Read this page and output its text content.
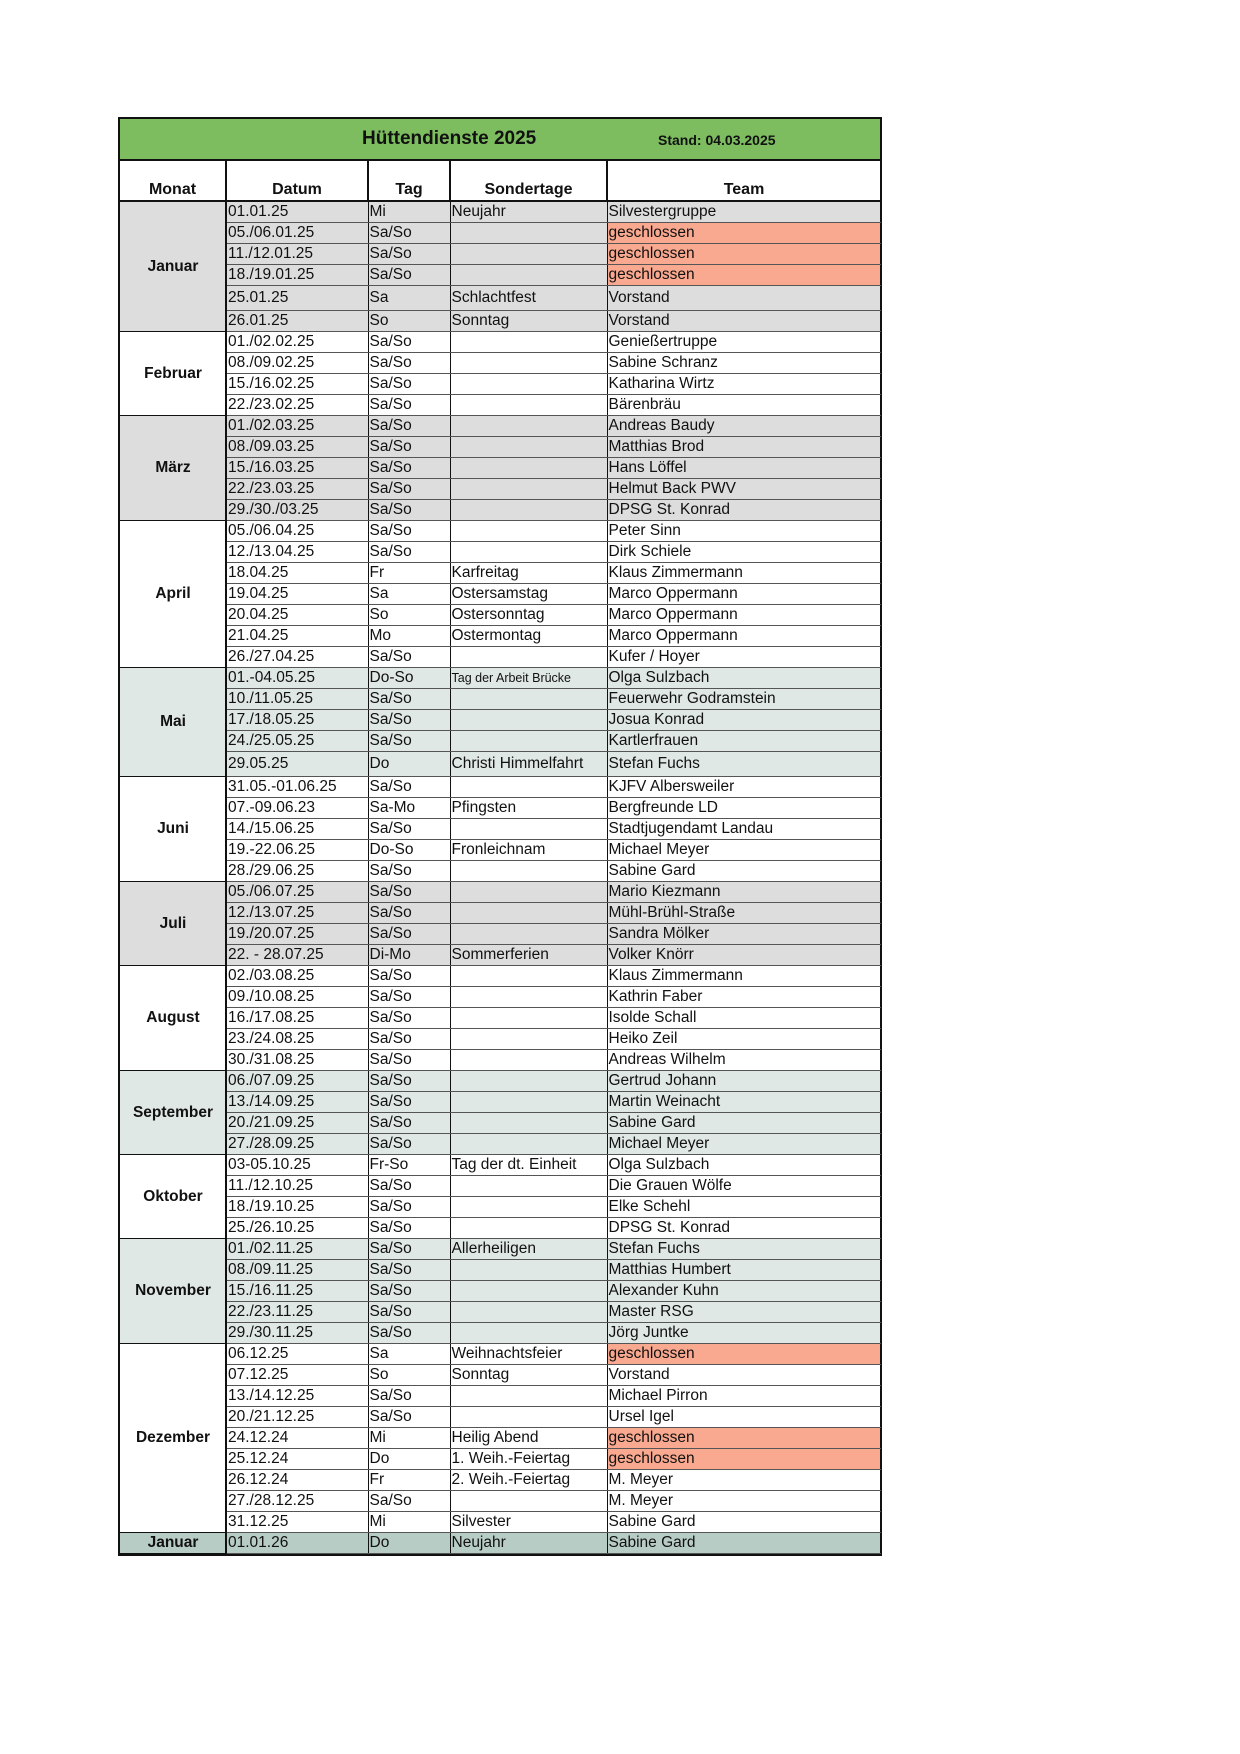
Hüttendienste 2025	Stand: 04.03.2025
Monat	Datum	Tag	Sondertage	Team
Januar	01.01.25	Mi	Neujahr	Silvestergruppe
	05./06.01.25	Sa/So		geschlossen
	11./12.01.25	Sa/So		geschlossen
	18./19.01.25	Sa/So		geschlossen
	25.01.25	Sa	Schlachtfest	Vorstand
	26.01.25	So	Sonntag	Vorstand
Februar	01./02.02.25	Sa/So		Genießertruppe
	08./09.02.25	Sa/So		Sabine Schranz
	15./16.02.25	Sa/So		Katharina Wirtz
	22./23.02.25	Sa/So		Bärenbräu
März	01./02.03.25	Sa/So		Andreas Baudy
	08./09.03.25	Sa/So		Matthias Brod
	15./16.03.25	Sa/So		Hans Löffel
	22./23.03.25	Sa/So		Helmut Back PWV
	29./30./03.25	Sa/So		DPSG St. Konrad
April	05./06.04.25	Sa/So		Peter Sinn
	12./13.04.25	Sa/So		Dirk Schiele
	18.04.25	Fr	Karfreitag	Klaus Zimmermann
	19.04.25	Sa	Ostersamstag	Marco Oppermann
	20.04.25	So	Ostersonntag	Marco Oppermann
	21.04.25	Mo	Ostermontag	Marco Oppermann
	26./27.04.25	Sa/So		Kufer / Hoyer
Mai	01.-04.05.25	Do-So	Tag der Arbeit Brücke	Olga Sulzbach
	10./11.05.25	Sa/So		Feuerwehr Godramstein
	17./18.05.25	Sa/So		Josua Konrad
	24./25.05.25	Sa/So		Kartlerfrauen
	29.05.25	Do	Christi Himmelfahrt	Stefan Fuchs
Juni	31.05.-01.06.25	Sa/So		KJFV Albersweiler
	07.-09.06.23	Sa-Mo	Pfingsten	Bergfreunde LD
	14./15.06.25	Sa/So		Stadtjugendamt Landau
	19.-22.06.25	Do-So	Fronleichnam	Michael Meyer
	28./29.06.25	Sa/So		Sabine Gard
Juli	05./06.07.25	Sa/So		Mario Kiezmann
	12./13.07.25	Sa/So		Mühl-Brühl-Straße
	19./20.07.25	Sa/So		Sandra Mölker
	22. - 28.07.25	Di-Mo	Sommerferien	Volker Knörr
August	02./03.08.25	Sa/So		Klaus Zimmermann
	09./10.08.25	Sa/So		Kathrin Faber
	16./17.08.25	Sa/So		Isolde Schall
	23./24.08.25	Sa/So		Heiko Zeil
	30./31.08.25	Sa/So		Andreas Wilhelm
September	06./07.09.25	Sa/So		Gertrud Johann
	13./14.09.25	Sa/So		Martin Weinacht
	20./21.09.25	Sa/So		Sabine Gard
	27./28.09.25	Sa/So		Michael Meyer
Oktober	03-05.10.25	Fr-So	Tag der dt. Einheit	Olga Sulzbach
	11./12.10.25	Sa/So		Die Grauen Wölfe
	18./19.10.25	Sa/So		Elke Schehl
	25./26.10.25	Sa/So		DPSG St. Konrad
November	01./02.11.25	Sa/So	Allerheiligen	Stefan Fuchs
	08./09.11.25	Sa/So		Matthias Humbert
	15./16.11.25	Sa/So		Alexander Kuhn
	22./23.11.25	Sa/So		Master RSG
	29./30.11.25	Sa/So		Jörg Juntke
Dezember	06.12.25	Sa	Weihnachtsfeier	geschlossen
	07.12.25	So	Sonntag	Vorstand
	13./14.12.25	Sa/So		Michael Pirron
	20./21.12.25	Sa/So		Ursel Igel
	24.12.24	Mi	Heilig Abend	geschlossen
	25.12.24	Do	1. Weih.-Feiertag	geschlossen
	26.12.24	Fr	2. Weih.-Feiertag	M. Meyer
	27./28.12.25	Sa/So		M. Meyer
	31.12.25	Mi	Silvester	Sabine Gard
Januar	01.01.26	Do	Neujahr	Sabine Gard
